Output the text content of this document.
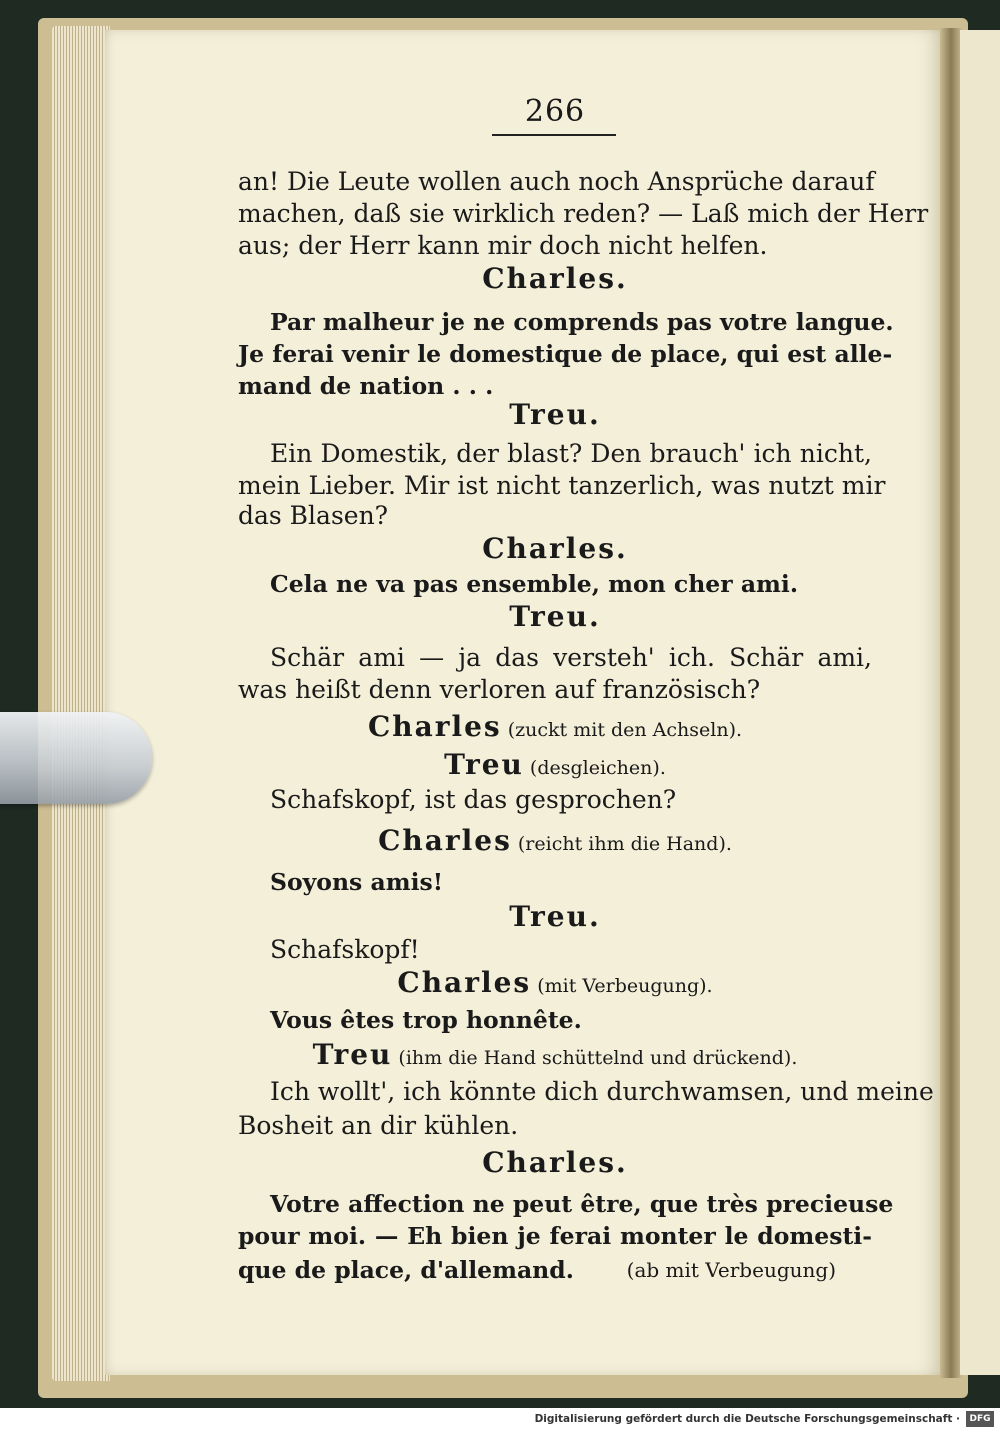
266
an! Die Leute wollen auch noch Ansprüche darauf
machen, daß sie wirklich reden? — Laß mich der Herr
aus; der Herr kann mir doch nicht helfen.
Charles.
Par malheur je ne comprends pas votre langue.
Je ferai venir le domestique de place, qui est alle-
mand de nation . . .
Treu.
Ein Domestik, der blast? Den brauch' ich nicht,
mein Lieber. Mir ist nicht tanzerlich, was nutzt mir
das Blasen?
Charles.
Cela ne va pas ensemble, mon cher ami.
Treu.
Schär ami — ja das versteh' ich. Schär ami,
was heißt denn verloren auf französisch?
Charles (zuckt mit den Achseln).
Treu (desgleichen).
Schafskopf, ist das gesprochen?
Charles (reicht ihm die Hand).
Soyons amis!
Treu.
Schafskopf!
Charles (mit Verbeugung).
Vous êtes trop honnête.
Treu (ihm die Hand schüttelnd und drückend).
Ich wollt', ich könnte dich durchwamsen, und meine
Bosheit an dir kühlen.
Charles.
Votre affection ne peut être, que très precieuse
pour moi. — Eh bien je ferai monter le domesti-
que de place, d'allemand.	(ab mit Verbeugung)
Digitalisierung gefördert durch die Deutsche Forschungsgemeinschaft ·	DFG
